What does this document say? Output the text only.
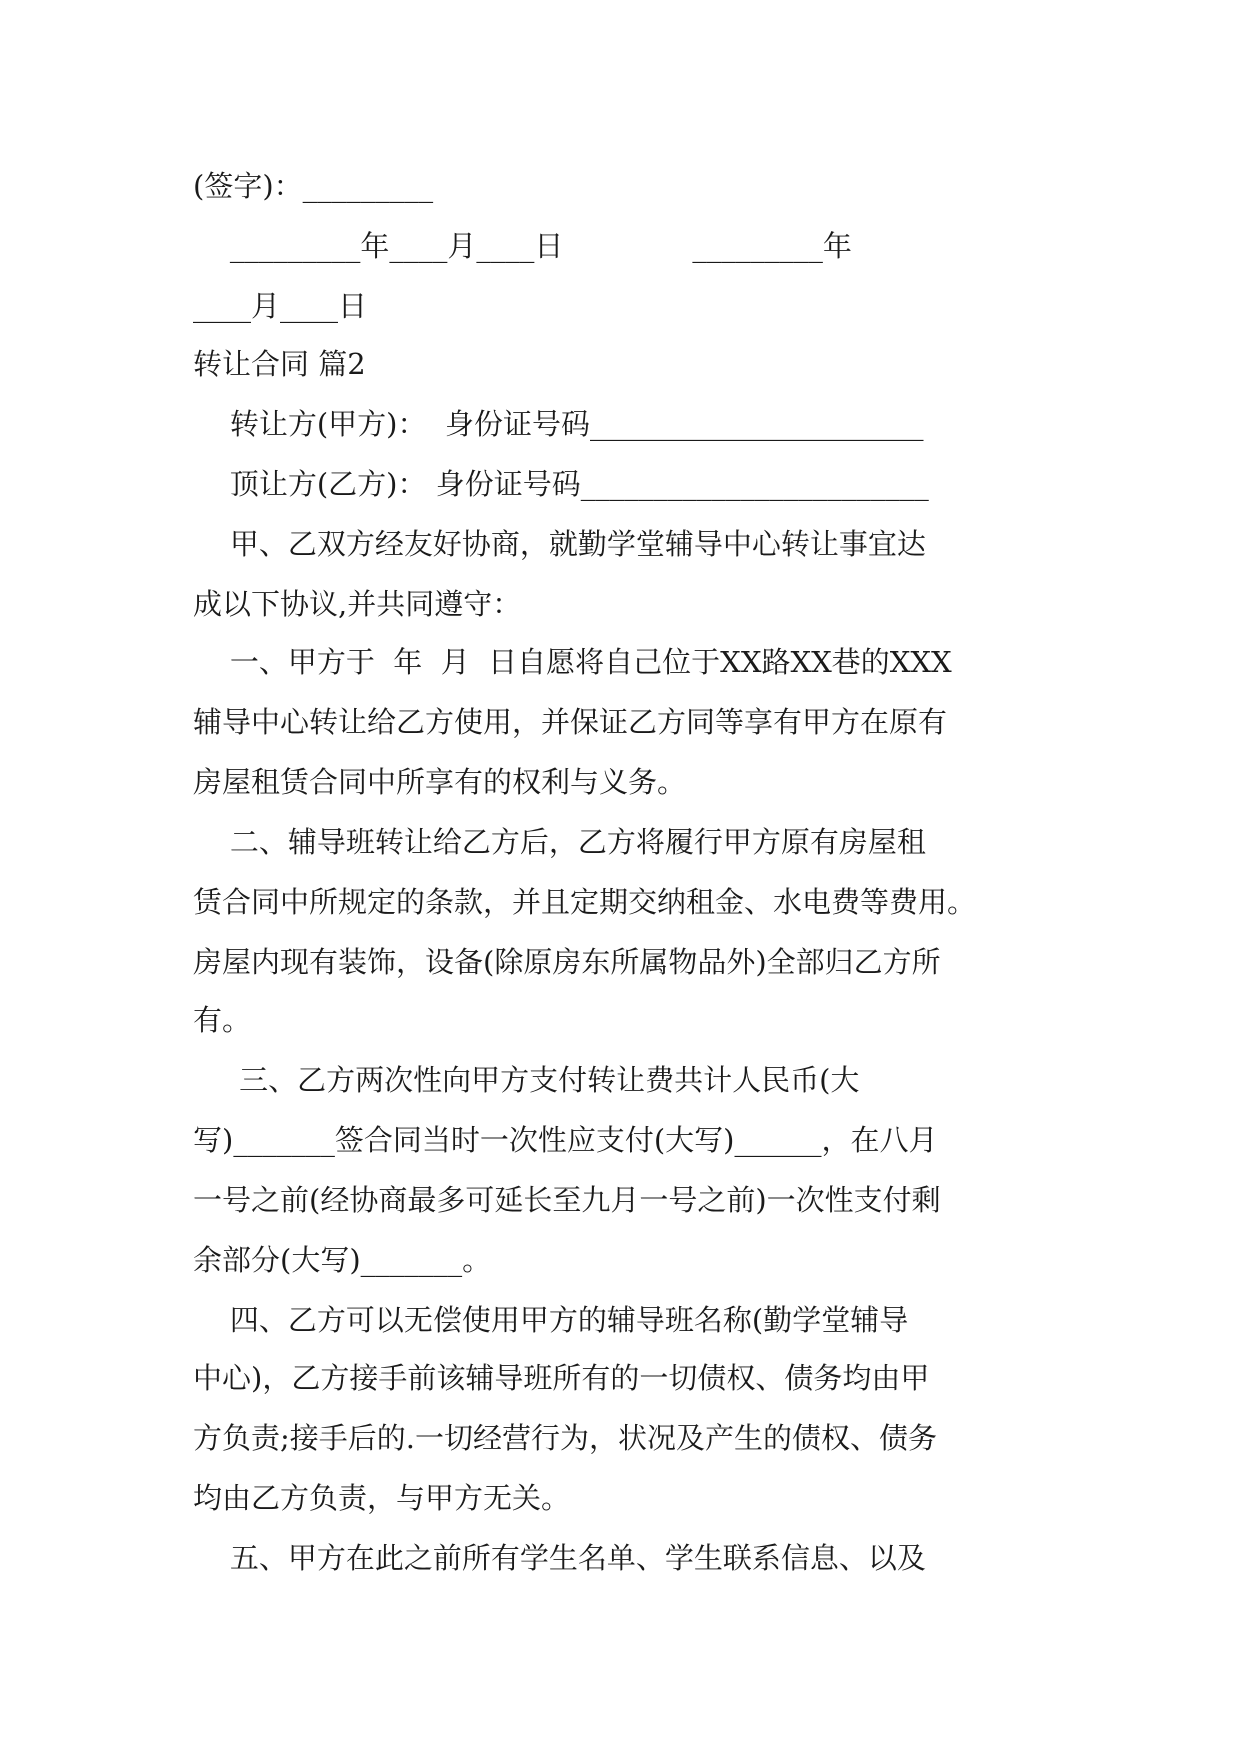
(签字)：_________
_________年____月____日              _________年
____月____日
转让合同 篇2
转让方(甲方)：  身份证号码_______________________
顶让方(乙方)： 身份证号码________________________
甲、乙双方经友好协商，就勤学堂辅导中心转让事宜达
成以下协议,并共同遵守：
一、甲方于  年  月  日自愿将自己位于XX路XX巷的XXX
辅导中心转让给乙方使用，并保证乙方同等享有甲方在原有
房屋租赁合同中所享有的权利与义务。
二、辅导班转让给乙方后，乙方将履行甲方原有房屋租
赁合同中所规定的条款，并且定期交纳租金、水电费等费用。
房屋内现有装饰，设备(除原房东所属物品外)全部归乙方所
有。
三、乙方两次性向甲方支付转让费共计人民币(大
写)_______签合同当时一次性应支付(大写)______，在八月
一号之前(经协商最多可延长至九月一号之前)一次性支付剩
余部分(大写)_______。
四、乙方可以无偿使用甲方的辅导班名称(勤学堂辅导
中心)，乙方接手前该辅导班所有的一切债权、债务均由甲
方负责;接手后的.一切经营行为，状况及产生的债权、债务
均由乙方负责，与甲方无关。
五、甲方在此之前所有学生名单、学生联系信息、以及
